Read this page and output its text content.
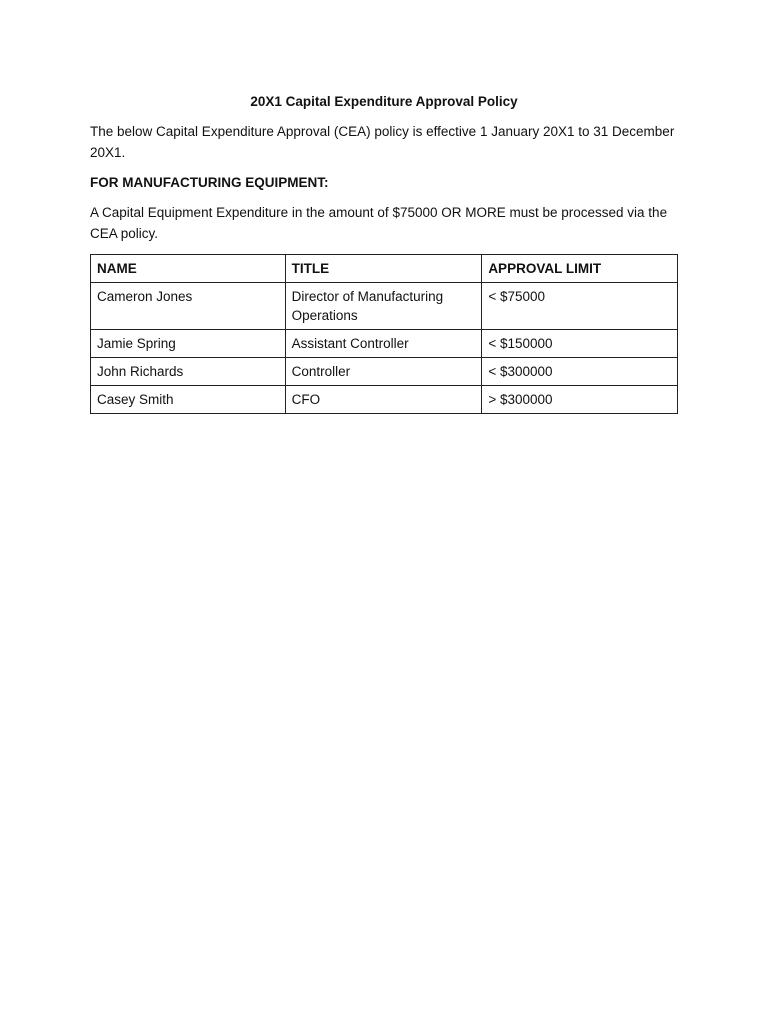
20X1 Capital Expenditure Approval Policy
The below Capital Expenditure Approval (CEA) policy is effective 1 January 20X1 to 31 December 20X1.
FOR MANUFACTURING EQUIPMENT:
A Capital Equipment Expenditure in the amount of $75000 OR MORE must be processed via the CEA policy.
NAME	TITLE	APPROVAL LIMIT
Cameron Jones	Director of Manufacturing Operations	< $75000
Jamie Spring	Assistant Controller	< $150000
John Richards	Controller	< $300000
Casey Smith	CFO	> $300000
